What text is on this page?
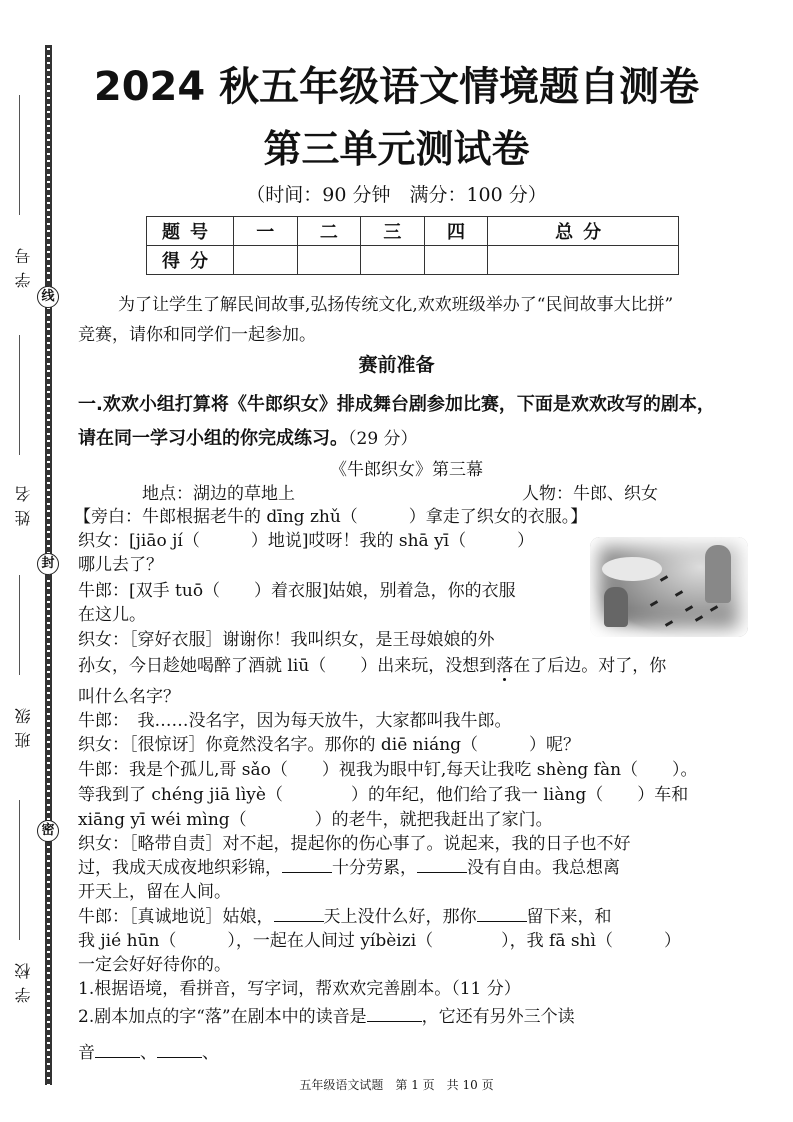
学号
线
姓名
封
班级
密
学校
2024 秋五年级语文情境题自测卷
第三单元测试卷
（时间：90 分钟　满分：100 分）
题号	一	二	三	四	总分
得分					
为了让学生了解民间故事,弘扬传统文化,欢欢班级举办了“民间故事大比拼”
竞赛，请你和同学们一起参加。
赛前准备
一.欢欢小组打算将《牛郎织女》排成舞台剧参加比赛，下面是欢欢改写的剧本，
请在同一学习小组的你完成练习。（29 分）
《牛郎织女》第三幕
地点：湖边的草地上	人物：牛郎、织女
【旁白：牛郎根据老牛的 dīng zhǔ（　　　）拿走了织女的衣服。】
织女：[jiāo jí（　　　）地说]哎呀！我的 shā yī（　　　）
哪儿去了？
牛郎：[双手 tuō（　　）着衣服]姑娘，别着急，你的衣服
在这儿。
织女：［穿好衣服］谢谢你！我叫织女，是王母娘娘的外
孙女，今日趁她喝醉了酒就 liū（　　）出来玩，没想到落在了后边。对了，你
叫什么名字？
牛郎：　我……没名字，因为每天放牛，大家都叫我牛郎。
织女：［很惊讶］你竟然没名字。那你的 diē niáng（　　　）呢？
牛郎：我是个孤儿,哥 sǎo（　　）视我为眼中钉,每天让我吃 shèng fàn（　　）。
等我到了 chéng jiā lìyè（　　　　）的年纪，他们给了我一 liàng（　　）车和
xiāng yī wéi mìng（　　　　）的老牛，就把我赶出了家门。
织女：［略带自责］对不起，提起你的伤心事了。说起来，我的日子也不好
过，我成天成夜地织彩锦，	十分劳累，	没有自由。我总想离
开天上，留在人间。
牛郎：［真诚地说］姑娘，	天上没什么好，那你	留下来，和
我 jié hūn（　　　），一起在人间过 yíbèizi（　　　　），我 fā shì（　　　）
一定会好好待你的。
1.根据语境，看拼音，写字词，帮欢欢完善剧本。（11 分）
2.剧本加点的字“落”在剧本中的读音是	，它还有另外三个读
音	、	、
五年级语文试题　第 1 页　共 10 页
